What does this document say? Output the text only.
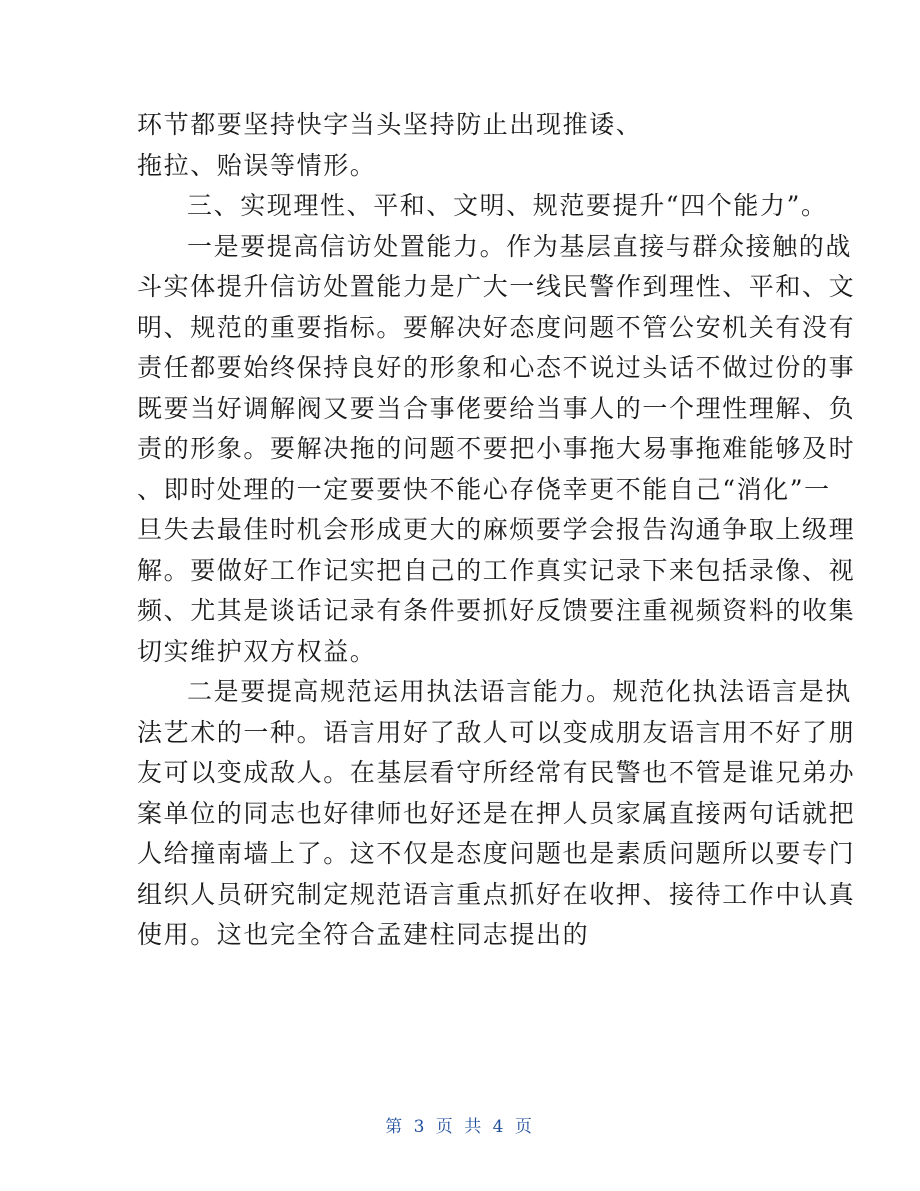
环节都要坚持快字当头坚持防止出现推诿、
拖拉、贻误等情形。
三、实现理性、平和、文明、规范要提升“四个能力”。
一是要提高信访处置能力。作为基层直接与群众接触的战
斗实体提升信访处置能力是广大一线民警作到理性、平和、文
明、规范的重要指标。要解决好态度问题不管公安机关有没有
责任都要始终保持良好的形象和心态不说过头话不做过份的事
既要当好调解阀又要当合事佬要给当事人的一个理性理解、负
责的形象。要解决拖的问题不要把小事拖大易事拖难能够及时
、即时处理的一定要要快不能心存侥幸更不能自己“消化”一
旦失去最佳时机会形成更大的麻烦要学会报告沟通争取上级理
解。要做好工作记实把自己的工作真实记录下来包括录像、视
频、尤其是谈话记录有条件要抓好反馈要注重视频资料的收集
切实维护双方权益。
二是要提高规范运用执法语言能力。规范化执法语言是执
法艺术的一种。语言用好了敌人可以变成朋友语言用不好了朋
友可以变成敌人。在基层看守所经常有民警也不管是谁兄弟办
案单位的同志也好律师也好还是在押人员家属直接两句话就把
人给撞南墙上了。这不仅是态度问题也是素质问题所以要专门
组织人员研究制定规范语言重点抓好在收押、接待工作中认真
使用。这也完全符合孟建柱同志提出的
第 3 页 共 4 页
